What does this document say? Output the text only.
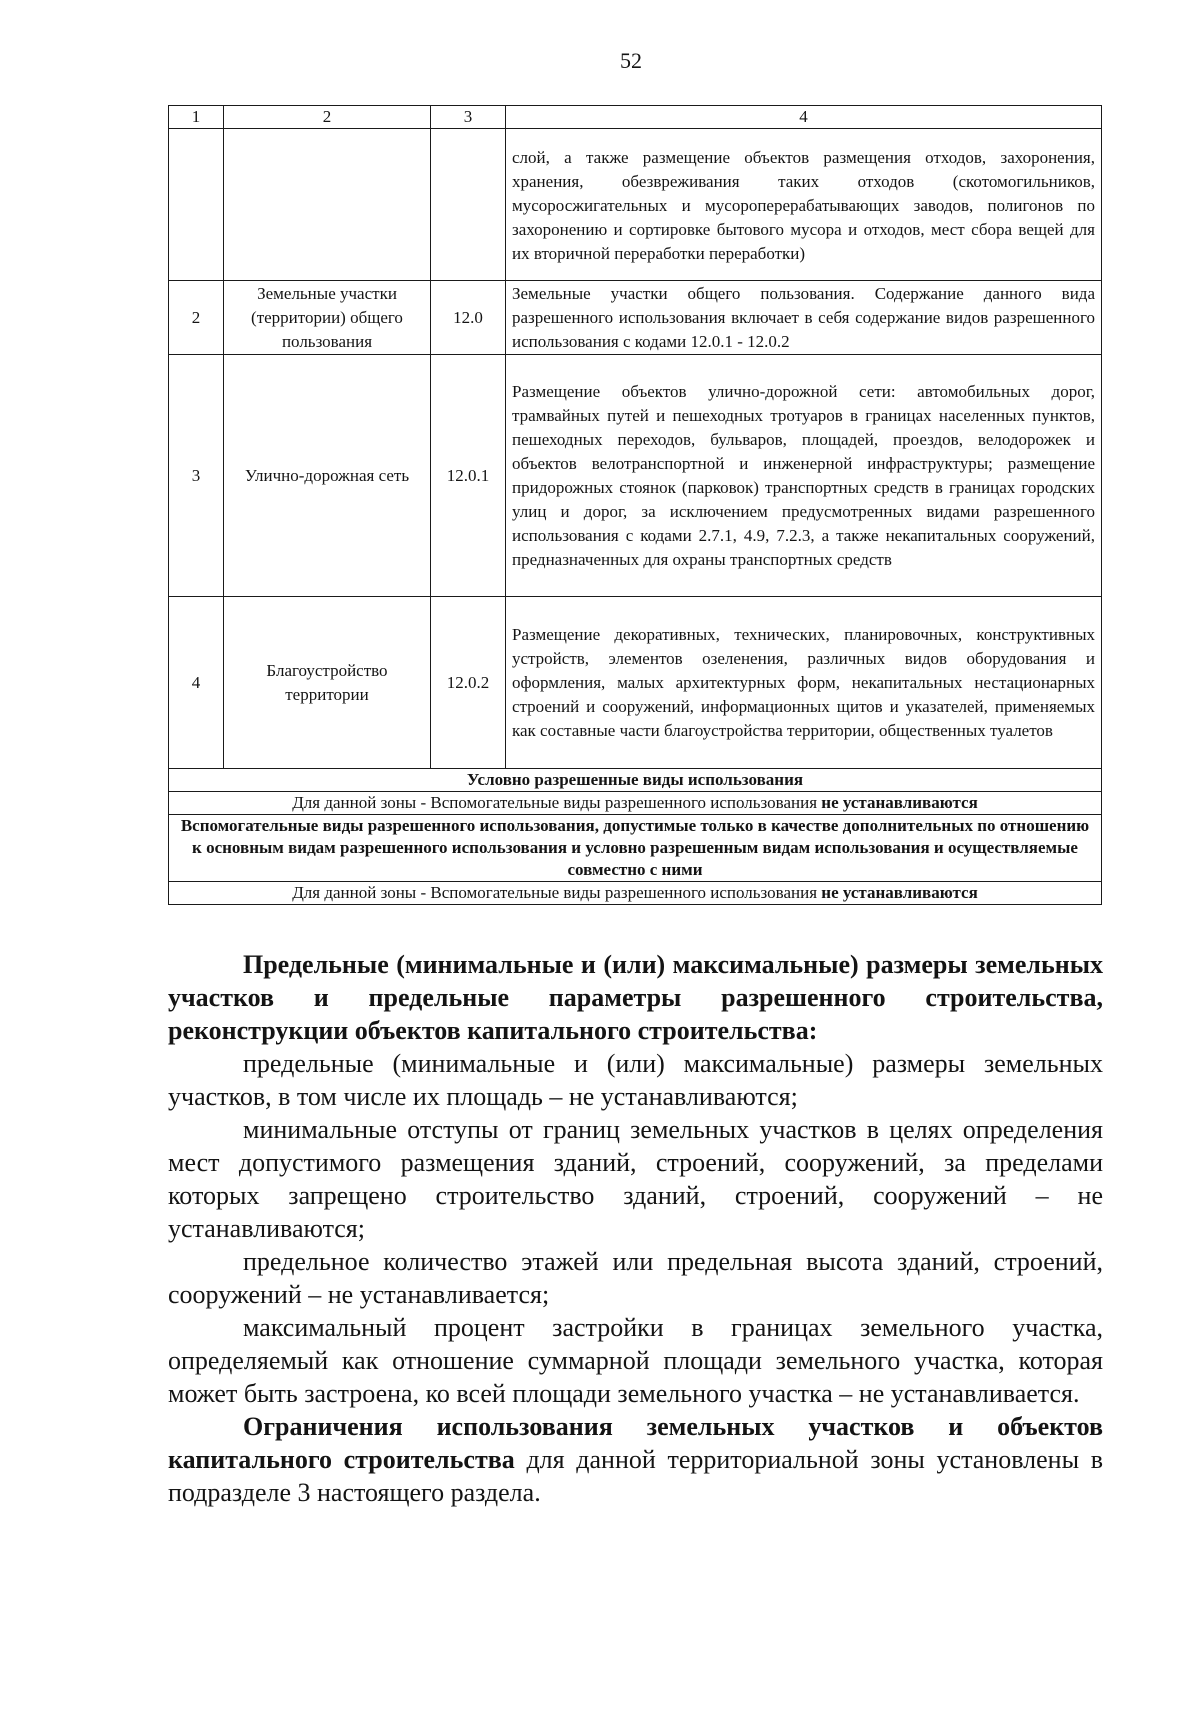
52
1	2	3	4
			слой, а также размещение объектов размещения отходов, захоронения, хранения, обезвреживания таких отходов (скотомогильников, мусоросжигательных и мусороперерабатывающих заводов, полигонов по захоронению и сортировке бытового мусора и отходов, мест сбора вещей для их вторичной переработки переработки)
2	Земельные участки (территории) общего пользования	12.0	Земельные участки общего пользования. Содержание данного вида разрешенного использования включает в себя содержание видов разрешенного использования с кодами 12.0.1 - 12.0.2
3	Улично-дорожная сеть	12.0.1	Размещение объектов улично-дорожной сети: автомобильных дорог, трамвайных путей и пешеходных тротуаров в границах населенных пунктов, пешеходных переходов, бульваров, площадей, проездов, велодорожек и объектов велотранспортной и инженерной инфраструктуры; размещение придорожных стоянок (парковок) транспортных средств в границах городских улиц и дорог, за исключением предусмотренных видами разрешенного использования с кодами 2.7.1, 4.9, 7.2.3, а также некапитальных сооружений, предназначенных для охраны транспортных средств
4	Благоустройство территории	12.0.2	Размещение декоративных, технических, планировочных, конструктивных устройств, элементов озеленения, различных видов оборудования и оформления, малых архитектурных форм, некапитальных нестационарных строений и сооружений, информационных щитов и указателей, применяемых как составные части благоустройства территории, общественных туалетов
Условно разрешенные виды использования			
Для данной зоны - Вспомогательные виды разрешенного использования не устанавливаются			
Вспомогательные виды разрешенного использования, допустимые только в качестве дополнительных по отношению к основным видам разрешенного использования и условно разрешенным видам использования и осуществляемые совместно с ними			
Для данной зоны - Вспомогательные виды разрешенного использования не устанавливаются			

Предельные (минимальные и (или) максимальные) размеры земельных участков и предельные параметры разрешенного строительства, реконструкции объектов капитального строительства:

предельные (минимальные и (или) максимальные) размеры земельных участков, в том числе их площадь – не устанавливаются;

минимальные отступы от границ земельных участков в целях определения мест допустимого размещения зданий, строений, сооружений, за пределами которых запрещено строительство зданий, строений, сооружений – не устанавливаются;

предельное количество этажей или предельная высота зданий, строений, сооружений – не устанавливается;

максимальный процент застройки в границах земельного участка, определяемый как отношение суммарной площади земельного участка, которая может быть застроена, ко всей площади земельного участка – не устанавливается.

Ограничения использования земельных участков и объектов капитального строительства для данной территориальной зоны установлены в подразделе 3 настоящего раздела.
